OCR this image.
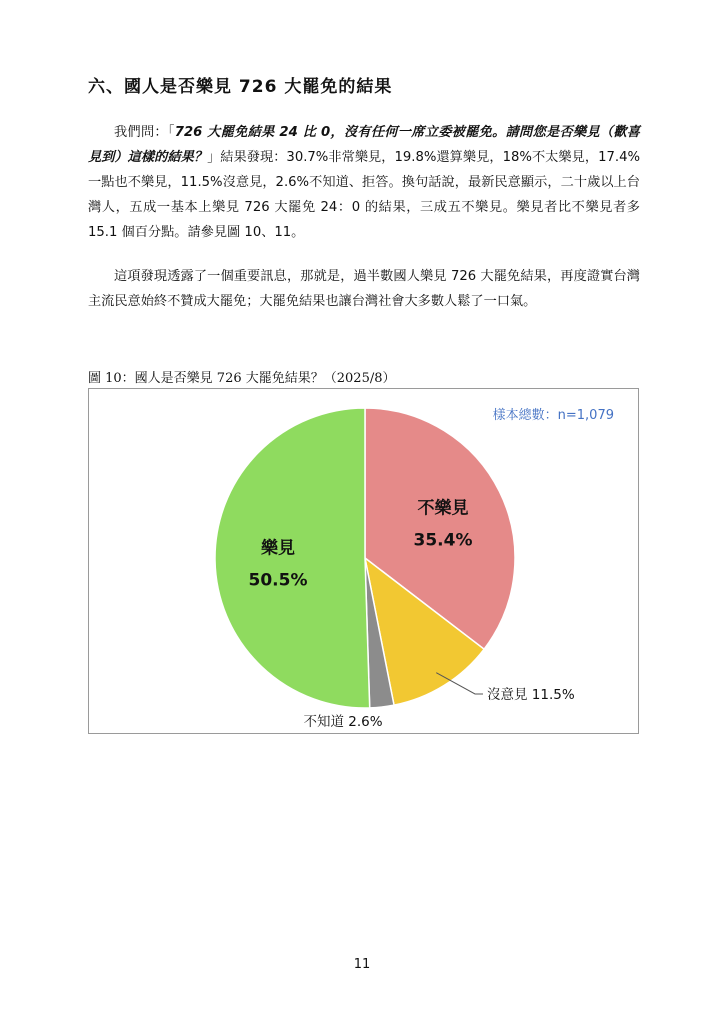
六、國人是否樂見 726 大罷免的結果

我們問：「726 大罷免結果 24 比 0，沒有任何一席立委被罷免。請問您是否樂見（歡喜見到）這樣的結果？」結果發現：30.7%非常樂見，19.8%還算樂見，18%不太樂見，17.4%一點也不樂見，11.5%沒意見，2.6%不知道、拒答。換句話說，最新民意顯示，二十歲以上台灣人，五成一基本上樂見 726 大罷免 24：0 的結果，三成五不樂見。樂見者比不樂見者多 15.1 個百分點。請參見圖 10、11。

這項發現透露了一個重要訊息，那就是，過半數國人樂見 726 大罷免結果，再度證實台灣主流民意始終不贊成大罷免；大罷免結果也讓台灣社會大多數人鬆了一口氣。

圖 10：國人是否樂見 726 大罷免結果？（2025/8）

樣本總數：n=1,079
不樂見
35.4%
沒意見 11.5%
不知道 2.6%
樂見
50.5%
11
